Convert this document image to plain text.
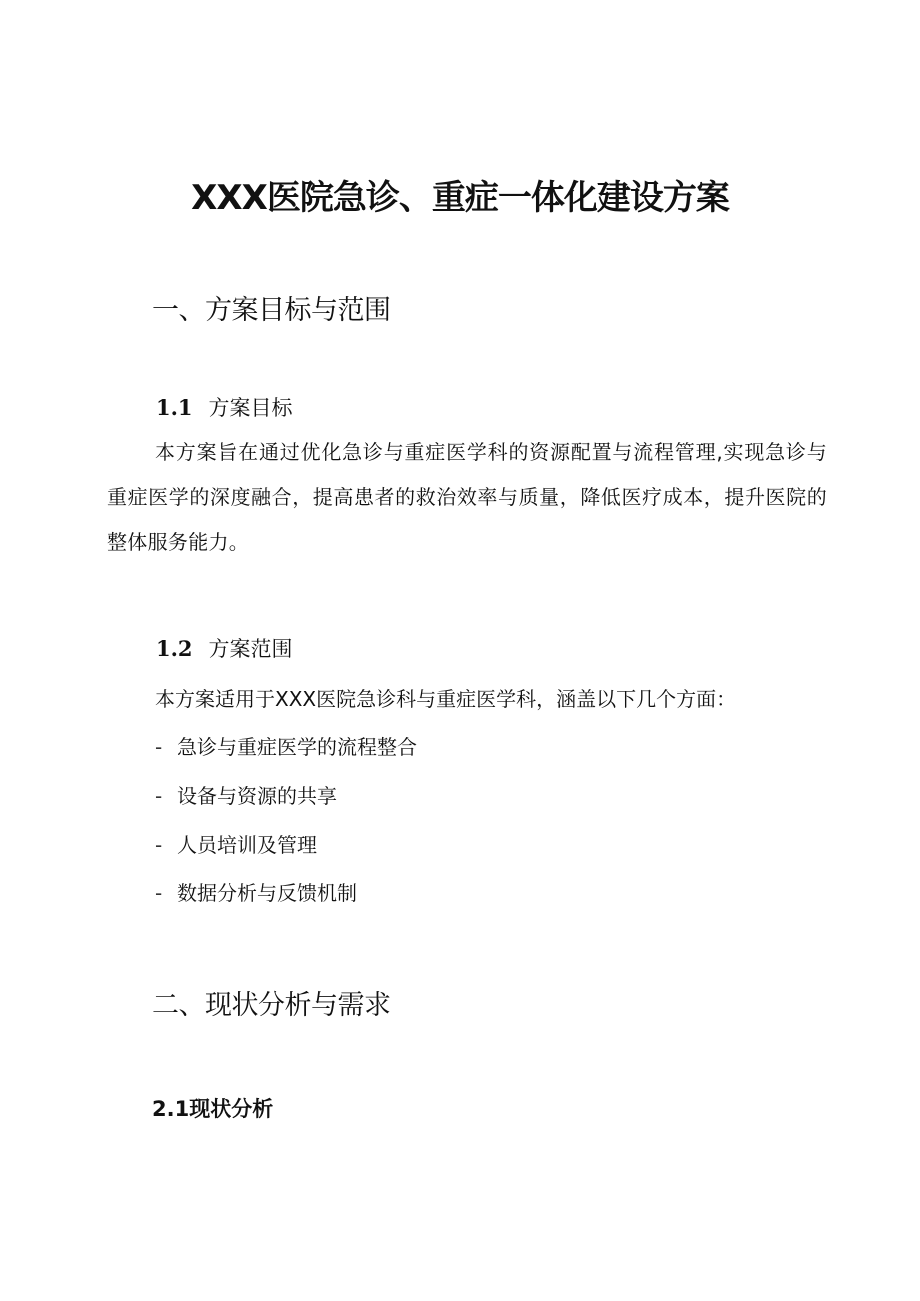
XXX医院急诊、重症一体化建设方案
一、方案目标与范围
1.1 方案目标
本方案旨在通过优化急诊与重症医学科的资源配置与流程管理,实现急诊与重症医学的深度融合，提高患者的救治效率与质量，降低医疗成本，提升医院的整体服务能力。
1.2 方案范围
本方案适用于XXX医院急诊科与重症医学科，涵盖以下几个方面：
- 急诊与重症医学的流程整合
- 设备与资源的共享
- 人员培训及管理
- 数据分析与反馈机制
二、现状分析与需求
2.1现状分析
